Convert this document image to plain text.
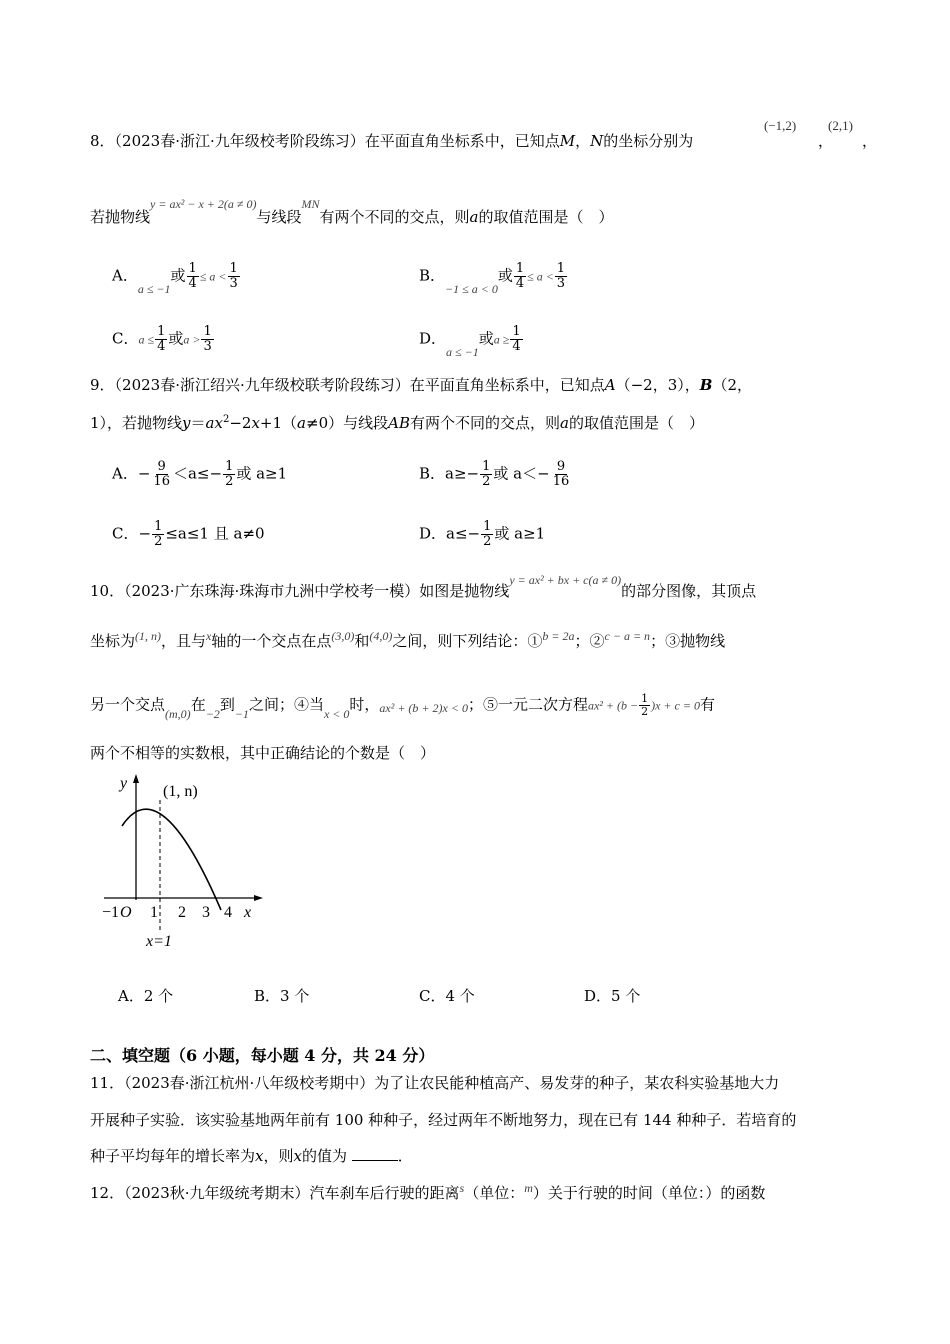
8．（2023春·浙江·九年级校考阶段练习）在平面直角坐标系中，已知点M，N的坐标分别为
(−1,2)
，
(2,1)
，
若抛物线$^{y = ax^2 - x + 2(a \ne 0)}$与线段$^{MN}$有两个不同的交点，则a的取值范围是（　）
A．$_{a \le -1}$或 $\frac{1}{4} \le a < \frac{1}{3}$	B．$_{-1 \le a < 0}$或 $\frac{1}{4} \le a < \frac{1}{3}$
C．$a \le \frac{1}{4}$ 或$a > \frac{1}{3}$	D．$_{a \le -1}$或$a \ge \frac{1}{4}$
9．（2023春·浙江绍兴·九年级校联考阶段练习）在平面直角坐标系中，已知点A（−2，3），B（2，
1），若抛物线$y=ax^2-2x+1(a\ne 0)$与线段AB有两个不同的交点，则a的取值范围是（　）
A．− $\frac{9}{16} <a\le- \frac{1}{2}$ 或 a≥1	B．$a\ge- \frac{1}{2}$ 或 $a<- \frac{9}{16}$
C．− $\frac{1}{2} \le a\le 1$ 且 a≠0	D．$a\le- \frac{1}{2}$ 或 a≥1
10．（2023·广东珠海·珠海市九洲中学校考一模）如图是抛物线$^{y = ax^2 + bx + c(a \ne 0)}$的部分图像，其顶点
坐标为$^{(1, n)}$，且与$^x$轴的一个交点在点$^{(3,0)}$和$^{(4,0)}$之间，则下列结论：①$^{b = 2a}$；②$^{c - a = n}$；③抛物线
另一个交点$_{(m,0)}$在$_{-2}$到$_{-1}$之间；④当$_{x < 0}$时，ax² + (b + 2)x < 0；⑤一元二次方程$ax^2 + (b - \frac{1}{2} )x + c = 0$有
两个不相等的实数根，其中正确结论的个数是（　）
y
x
(1, n)
−1 O 1 2 3 4
x=1
A．2 个	B．3 个	C．4 个	D．5 个
二、填空题（6 小题，每小题 4 分，共 24 分）
11．（2023春·浙江杭州·八年级校考期中）为了让农民能种植高产、易发芽的种子，某农科实验基地大力
开展种子实验．该实验基地两年前有 100 种种子，经过两年不断地努力，现在已有 144 种种子．若培育的
种子平均每年的增长率为x，则x的值为	．
12．（2023秋·九年级统考期末）汽车刹车后行驶的距离$^s$（单位：$^m$）关于行驶的时间（单位：）的函数
